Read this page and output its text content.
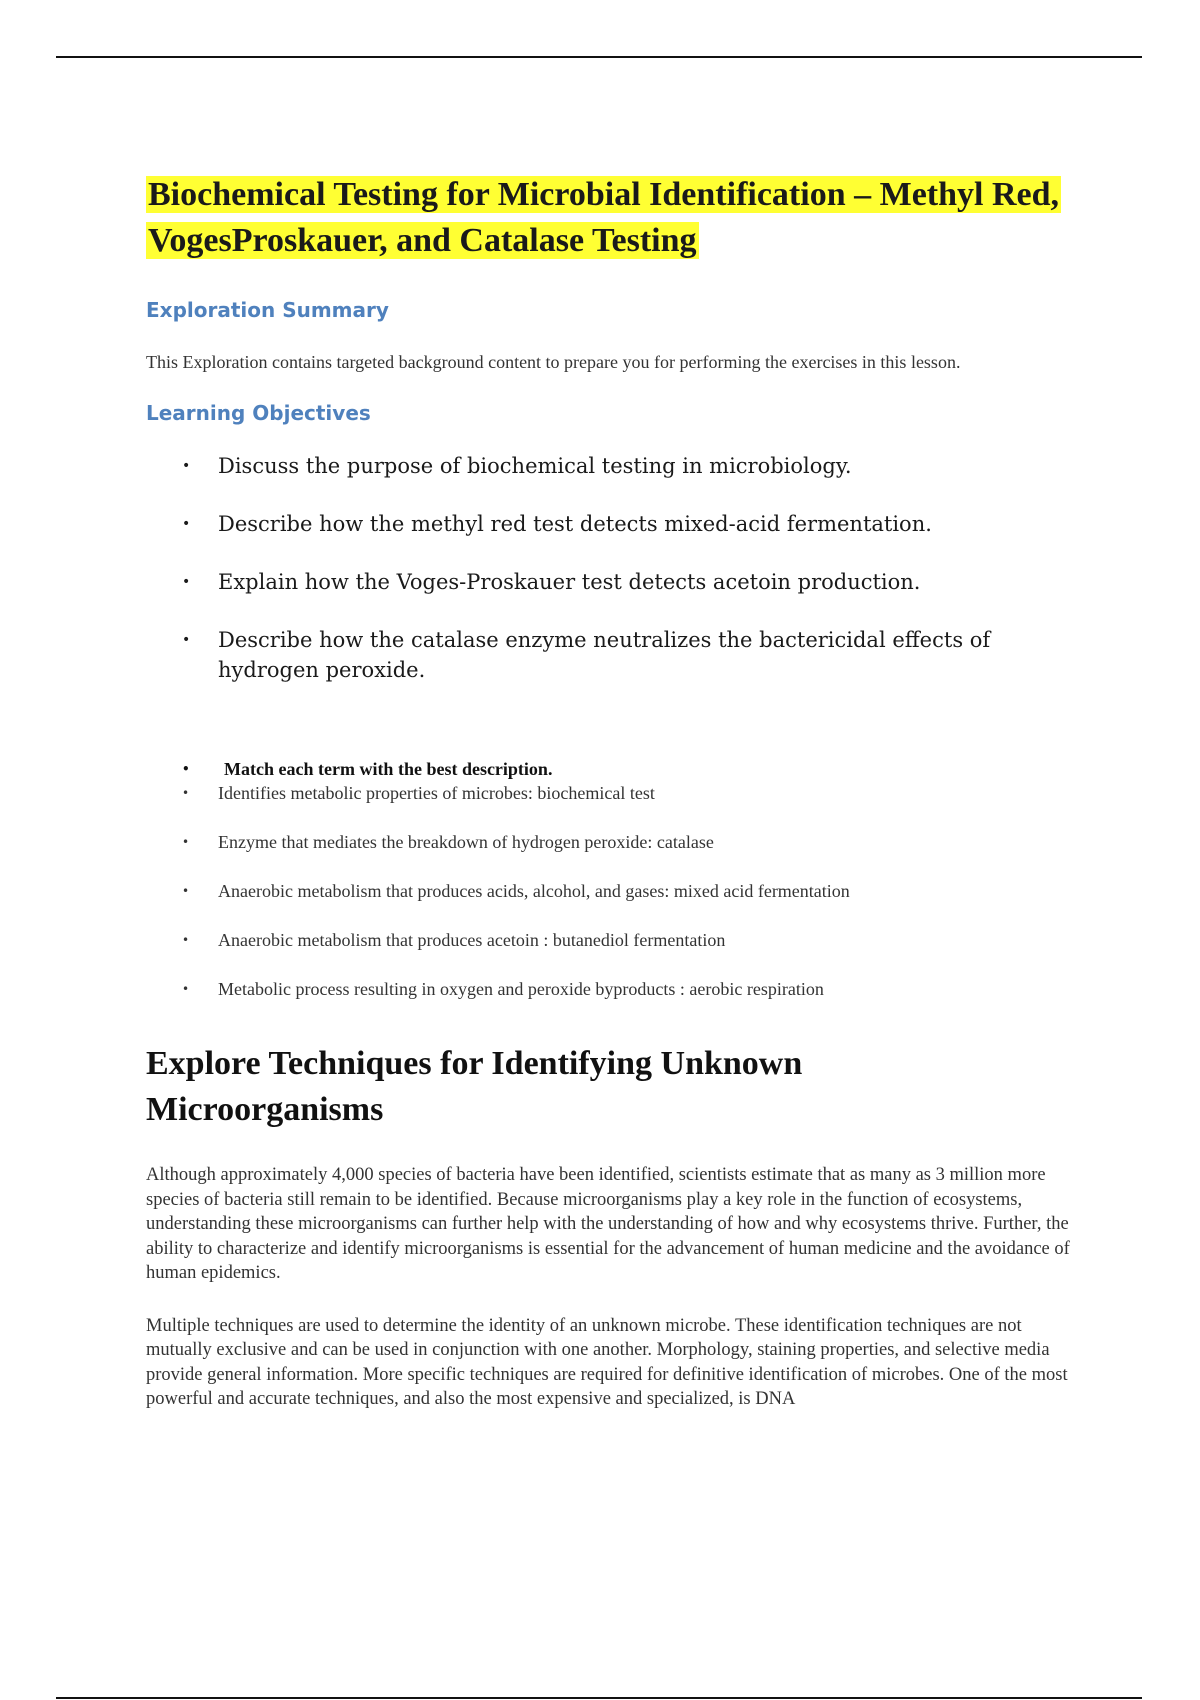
Biochemical Testing for Microbial Identification – Methyl Red, VogesProskauer, and Catalase Testing
Exploration Summary

This Exploration contains targeted background content to prepare you for performing the exercises in this lesson.

Learning Objectives
• Discuss the purpose of biochemical testing in microbiology.
• Describe how the methyl red test detects mixed-acid fermentation.
• Explain how the Voges-Proskauer test detects acetoin production.
• Describe how the catalase enzyme neutralizes the bactericidal effects of hydrogen peroxide.
• Match each term with the best description.
• Identifies metabolic properties of microbes: biochemical test
• Enzyme that mediates the breakdown of hydrogen peroxide: catalase
• Anaerobic metabolism that produces acids, alcohol, and gases: mixed acid fermentation
• Anaerobic metabolism that produces acetoin : butanediol fermentation
• Metabolic process resulting in oxygen and peroxide byproducts : aerobic respiration
Explore Techniques for Identifying Unknown Microorganisms

Although approximately 4,000 species of bacteria have been identified, scientists estimate that as many as 3 million more species of bacteria still remain to be identified. Because microorganisms play a key role in the function of ecosystems, understanding these microorganisms can further help with the understanding of how and why ecosystems thrive. Further, the ability to characterize and identify microorganisms is essential for the advancement of human medicine and the avoidance of human epidemics.

Multiple techniques are used to determine the identity of an unknown microbe. These identification techniques are not mutually exclusive and can be used in conjunction with one another. Morphology, staining properties, and selective media provide general information. More specific techniques are required for definitive identification of microbes. One of the most powerful and accurate techniques, and also the most expensive and specialized, is DNA
